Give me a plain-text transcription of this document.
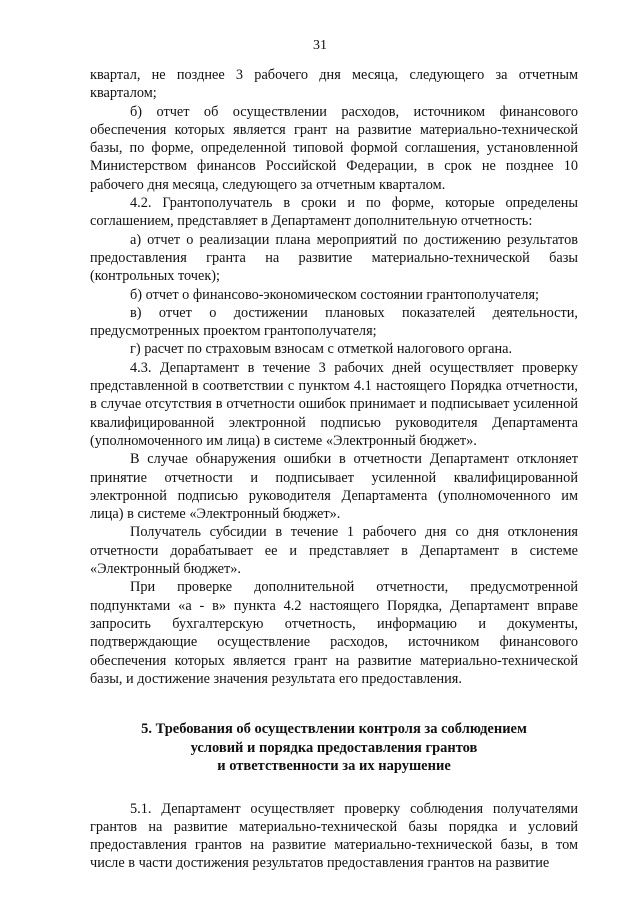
31

квартал, не позднее 3 рабочего дня месяца, следующего за отчетным кварталом;

б) отчет об осуществлении расходов, источником финансового обеспечения которых является грант на развитие материально-технической базы, по форме, определенной типовой формой соглашения, установленной Министерством финансов Российской Федерации, в срок не позднее 10 рабочего дня месяца, следующего за отчетным кварталом.

4.2. Грантополучатель в сроки и по форме, которые определены соглашением, представляет в Департамент дополнительную отчетность:

а) отчет о реализации плана мероприятий по достижению результатов предоставления гранта на развитие материально-технической базы (контрольных точек);

б) отчет о финансово-экономическом состоянии грантополучателя;

в) отчет о достижении плановых показателей деятельности, предусмотренных проектом грантополучателя;

г) расчет по страховым взносам с отметкой налогового органа.

4.3. Департамент в течение 3 рабочих дней осуществляет проверку представленной в соответствии с пунктом 4.1 настоящего Порядка отчетности, в случае отсутствия в отчетности ошибок принимает и подписывает усиленной квалифицированной электронной подписью руководителя Департамента (уполномоченного им лица) в системе «Электронный бюджет».

В случае обнаружения ошибки в отчетности Департамент отклоняет принятие отчетности и подписывает усиленной квалифицированной электронной подписью руководителя Департамента (уполномоченного им лица) в системе «Электронный бюджет».

Получатель субсидии в течение 1 рабочего дня со дня отклонения отчетности дорабатывает ее и представляет в Департамент в системе «Электронный бюджет».

При проверке дополнительной отчетности, предусмотренной подпунктами «а - в» пункта 4.2 настоящего Порядка, Департамент вправе запросить бухгалтерскую отчетность, информацию и документы, подтверждающие осуществление расходов, источником финансового обеспечения которых является грант на развитие материально-технической базы, и достижение значения результата его предоставления.

5. Требования об осуществлении контроля за соблюдением
условий и порядка предоставления грантов
и ответственности за их нарушение

5.1. Департамент осуществляет проверку соблюдения получателями грантов на развитие материально-технической базы порядка и условий предоставления грантов на развитие материально-технической базы, в том числе в части достижения результатов предоставления грантов на развитие
